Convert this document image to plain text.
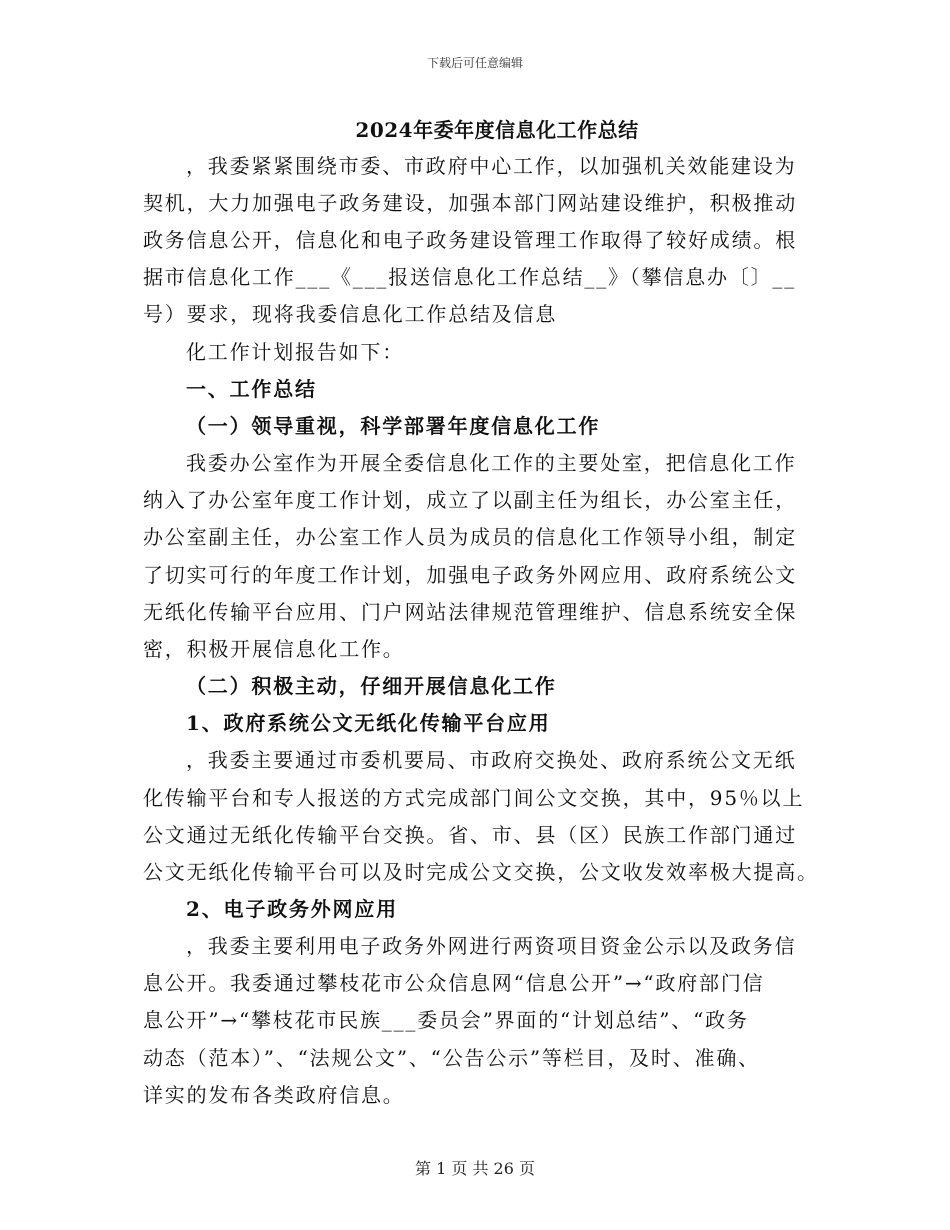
下载后可任意编辑
2024年委年度信息化工作总结
，我委紧紧围绕市委、市政府中心工作，以加强机关效能建设为
契机，大力加强电子政务建设，加强本部门网站建设维护，积极推动
政务信息公开，信息化和电子政务建设管理工作取得了较好成绩。根
据市信息化工作___《___报送信息化工作总结__》（攀信息办〔〕__
号）要求，现将我委信息化工作总结及信息
化工作计划报告如下：
一、工作总结
（一）领导重视，科学部署年度信息化工作
我委办公室作为开展全委信息化工作的主要处室，把信息化工作
纳入了办公室年度工作计划，成立了以副主任为组长，办公室主任，
办公室副主任，办公室工作人员为成员的信息化工作领导小组，制定
了切实可行的年度工作计划，加强电子政务外网应用、政府系统公文
无纸化传输平台应用、门户网站法律规范管理维护、信息系统安全保
密，积极开展信息化工作。
（二）积极主动，仔细开展信息化工作
1、政府系统公文无纸化传输平台应用
，我委主要通过市委机要局、市政府交换处、政府系统公文无纸
化传输平台和专人报送的方式完成部门间公文交换，其中，95％以上
公文通过无纸化传输平台交换。省、市、县（区）民族工作部门通过
公文无纸化传输平台可以及时完成公文交换，公文收发效率极大提高。
2、电子政务外网应用
，我委主要利用电子政务外网进行两资项目资金公示以及政务信
息公开。我委通过攀枝花市公众信息网“信息公开”→“政府部门信
息公开”→“攀枝花市民族___委员会”界面的“计划总结”、“政务
动态（范本）”、“法规公文”、“公告公示”等栏目，及时、准确、
详实的发布各类政府信息。
第 1 页 共 26 页
